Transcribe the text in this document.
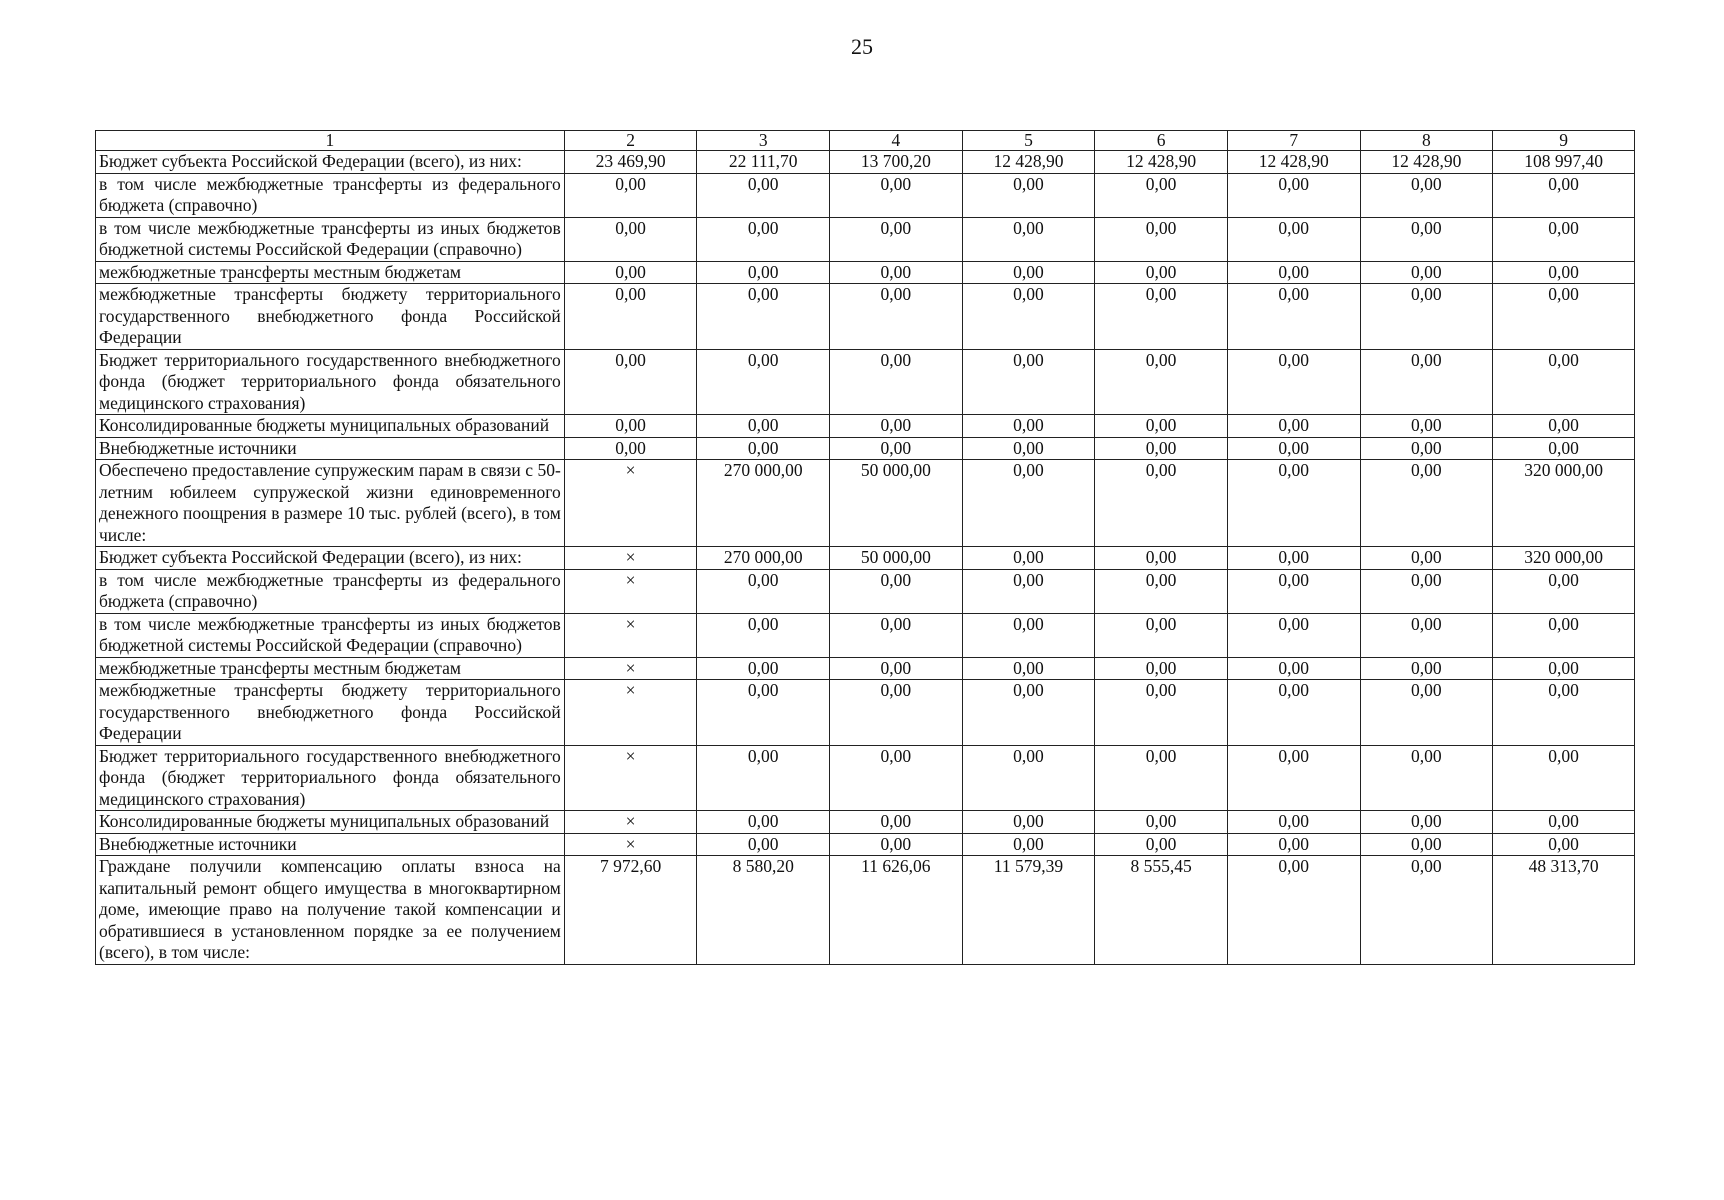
25
1	2	3	4	5	6	7	8	9
Бюджет субъекта Российской Федерации (всего), из них:	23 469,90	22 111,70	13 700,20	12 428,90	12 428,90	12 428,90	12 428,90	108 997,40
в том числе межбюджетные трансферты из федерального бюджета (справочно)	0,00	0,00	0,00	0,00	0,00	0,00	0,00	0,00
в том числе межбюджетные трансферты из иных бюджетов бюджетной системы Российской Федерации (справочно)	0,00	0,00	0,00	0,00	0,00	0,00	0,00	0,00
межбюджетные трансферты местным бюджетам	0,00	0,00	0,00	0,00	0,00	0,00	0,00	0,00
межбюджетные трансферты бюджету территориального государственного внебюджетного фонда Российской Федерации	0,00	0,00	0,00	0,00	0,00	0,00	0,00	0,00
Бюджет территориального государственного внебюджетного фонда (бюджет территориального фонда обязательного медицинского страхования)	0,00	0,00	0,00	0,00	0,00	0,00	0,00	0,00
Консолидированные бюджеты муниципальных образований	0,00	0,00	0,00	0,00	0,00	0,00	0,00	0,00
Внебюджетные источники	0,00	0,00	0,00	0,00	0,00	0,00	0,00	0,00
Обеспечено предоставление супружеским парам в связи с 50-летним юбилеем супружеской жизни единовременного денежного поощрения в размере 10 тыс. рублей (всего), в том числе:	×	270 000,00	50 000,00	0,00	0,00	0,00	0,00	320 000,00
Бюджет субъекта Российской Федерации (всего), из них:	×	270 000,00	50 000,00	0,00	0,00	0,00	0,00	320 000,00
в том числе межбюджетные трансферты из федерального бюджета (справочно)	×	0,00	0,00	0,00	0,00	0,00	0,00	0,00
в том числе межбюджетные трансферты из иных бюджетов бюджетной системы Российской Федерации (справочно)	×	0,00	0,00	0,00	0,00	0,00	0,00	0,00
межбюджетные трансферты местным бюджетам	×	0,00	0,00	0,00	0,00	0,00	0,00	0,00
межбюджетные трансферты бюджету территориального государственного внебюджетного фонда Российской Федерации	×	0,00	0,00	0,00	0,00	0,00	0,00	0,00
Бюджет территориального государственного внебюджетного фонда (бюджет территориального фонда обязательного медицинского страхования)	×	0,00	0,00	0,00	0,00	0,00	0,00	0,00
Консолидированные бюджеты муниципальных образований	×	0,00	0,00	0,00	0,00	0,00	0,00	0,00
Внебюджетные источники	×	0,00	0,00	0,00	0,00	0,00	0,00	0,00
Граждане получили компенсацию оплаты взноса на капитальный ремонт общего имущества в многоквартирном доме, имеющие право на получение такой компенсации и обратившиеся в установленном порядке за ее получением (всего), в том числе:	7 972,60	8 580,20	11 626,06	11 579,39	8 555,45	0,00	0,00	48 313,70
